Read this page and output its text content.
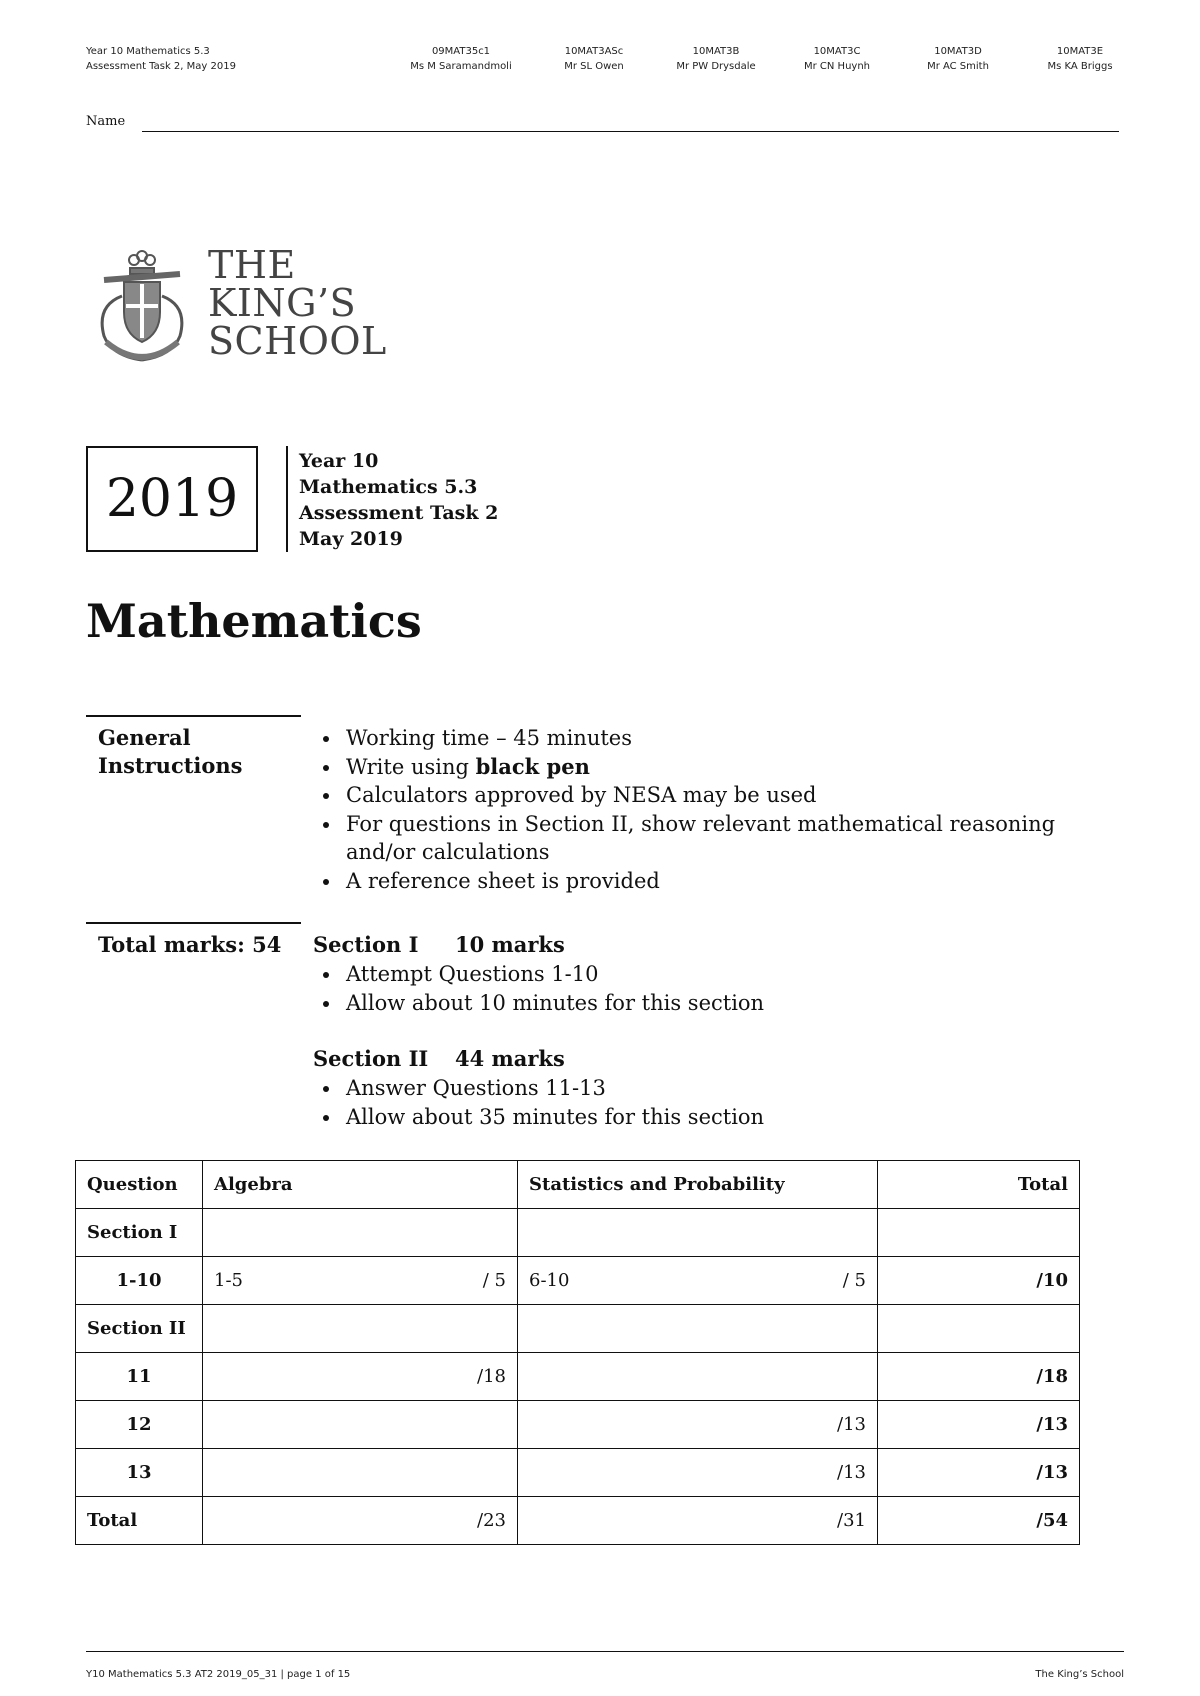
Year 10 Mathematics 5.3
Assessment Task 2, May 2019
09MAT35c1
Ms M Saramandmoli
10MAT3ASc
Mr SL Owen
10MAT3B
Mr PW Drysdale
10MAT3C
Mr CN Huynh
10MAT3D
Mr AC Smith
10MAT3E
Ms KA Briggs
Name
THE
KING’S
SCHOOL
2019
Year 10
Mathematics 5.3
Assessment Task 2
May 2019
Mathematics
General
Instructions
• Working time – 45 minutes
• Write using black pen
• Calculators approved by NESA may be used
• For questions in Section II, show relevant mathematical reasoning and/or calculations
• A reference sheet is provided
Total marks: 54 Section I 10 marks
• Attempt Questions 1-10
• Allow about 10 minutes for this section
Section II 44 marks
• Answer Questions 11-13
• Allow about 35 minutes for this section
Question	Algebra	Statistics and Probability	Total
Section I			
1-10	1-5 / 5	6-10 / 5	/10
Section II			
11	/18		/18
12		/13	/13
13		/13	/13
Total	/23	/31	/54
Y10 Mathematics 5.3 AT2 2019_05_31 | page 1 of 15	The King’s School
